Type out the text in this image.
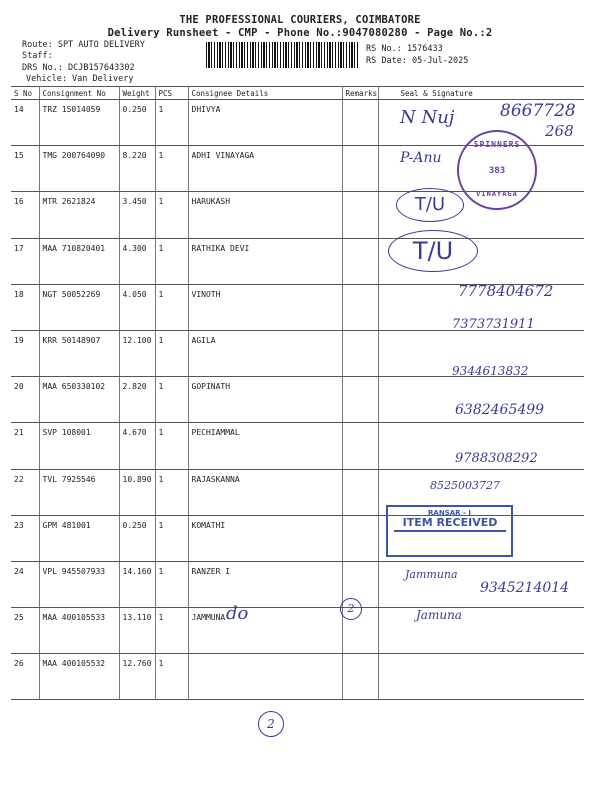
THE PROFESSIONAL COURIERS, COIMBATORE
Delivery Runsheet - CMP - Phone No.:9047080280 - Page No.:2
Route: SPT AUTO DELIVERY
Staff:
DRS No.: DCJB157643302
Vehicle: Van Delivery
RS No.: 1576433
RS Date: 05-Jul-2025
S No	Consignment No	Weight	PCS	Consignee Details	Remarks	Seal & Signature
14	TRZ 15014059	0.250	1	DHIVYA		
15	TMG 200764090	8.220	1	ADHI VINAYAGA		
16	MTR 2621824	3.450	1	HARUKASH		
17	MAA 710820401	4.300	1	RATHIKA DEVI		
18	NGT 50052269	4.050	1	VINOTH		
19	KRR 50148907	12.100	1	AGILA		
20	MAA 650330102	2.820	1	GOPINATH		
21	SVP 108001	4.670	1	PECHIAMMAL		
22	TVL 7925546	10.890	1	RAJASKANNA		
23	GPM 481001	0.250	1	KOMATHI		
24	VPL 945507933	14.160	1	RANZER I		
25	MAA 400105533	13.110	1	JAMMUNA		
26	MAA 400105532	12.760	1			
SPINNERS
383
VINAYAGA
RANSAR - I
ITEM RECEIVED
N Nuj	8667728
268
P-Anu
T/U
T/U
7778404672
7373731911
9344613832
6382465499
9788308292
8525003727
Jammuna
9345214014
Jamuna
do	2
2
